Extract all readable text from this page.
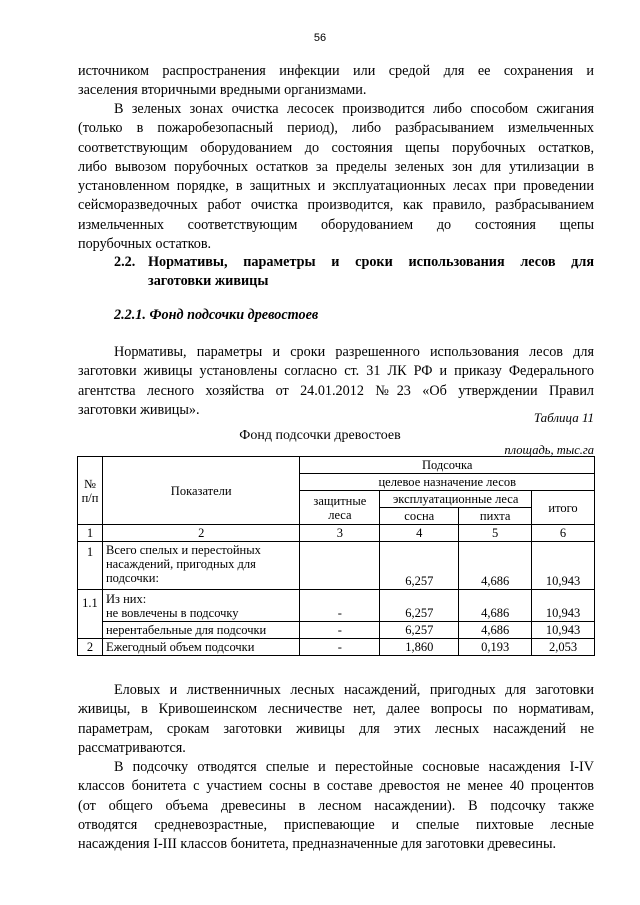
56
источником распространения инфекции или средой для ее сохранения и
заселения вторичными вредными организмами.
В зеленых зонах очистка лесосек производится либо способом сжигания
(только в пожаробезопасный период), либо разбрасыванием измельченных
соответствующим оборудованием до состояния щепы порубочных остатков,
либо вывозом порубочных остатков за пределы зеленых зон для утилизации в
установленном порядке, в защитных и эксплуатационных лесах при проведении
сейсморазведочных работ очистка производится, как правило, разбрасыванием
измельченных соответствующим оборудованием до состояния щепы
порубочных остатков.
2.2. Нормативы, параметры и сроки использования лесов для
заготовки живицы
2.2.1. Фонд подсочки древостоев
Нормативы, параметры и сроки разрешенного использования лесов для
заготовки живицы установлены согласно ст. 31 ЛК РФ и приказу Федерального
агентства лесного хозяйства от 24.01.2012 №23 «Об утверждении Правил
заготовки живицы».	Таблица 11
Фонд подсочки древостоев
площадь, тыс.га
№ п/п	Показатели	Подсочка			
		целевое назначение лесов			
		защитные леса	эксплуатационные леса		итого
			сосна	пихта	
1	2	3	4	5	6
1	Всего спелых и перестойных
насаждений, пригодных для
подсочки:		6,257	4,686	10,943
1.1	Из них:
не вовлечены в подсочку	-	6,257	4,686	10,943

	нерентабельные для подсочки	-	6,257	4,686	10,943
2	Ежегодный объем подсочки	-	1,860	0,193	2,053
Еловых и лиственничных лесных насаждений, пригодных для заготовки
живицы, в Кривошеинском лесничестве нет, далее вопросы по нормативам,
параметрам, срокам заготовки живицы для этих лесных насаждений не
рассматриваются.
В подсочку отводятся спелые и перестойные сосновые насаждения I-IV
классов бонитета с участием сосны в составе древостоя не менее 40 процентов
(от общего объема древесины в лесном насаждении). В подсочку также
отводятся средневозрастные, приспевающие и спелые пихтовые лесные
насаждения I-III классов бонитета, предназначенные для заготовки древесины.
